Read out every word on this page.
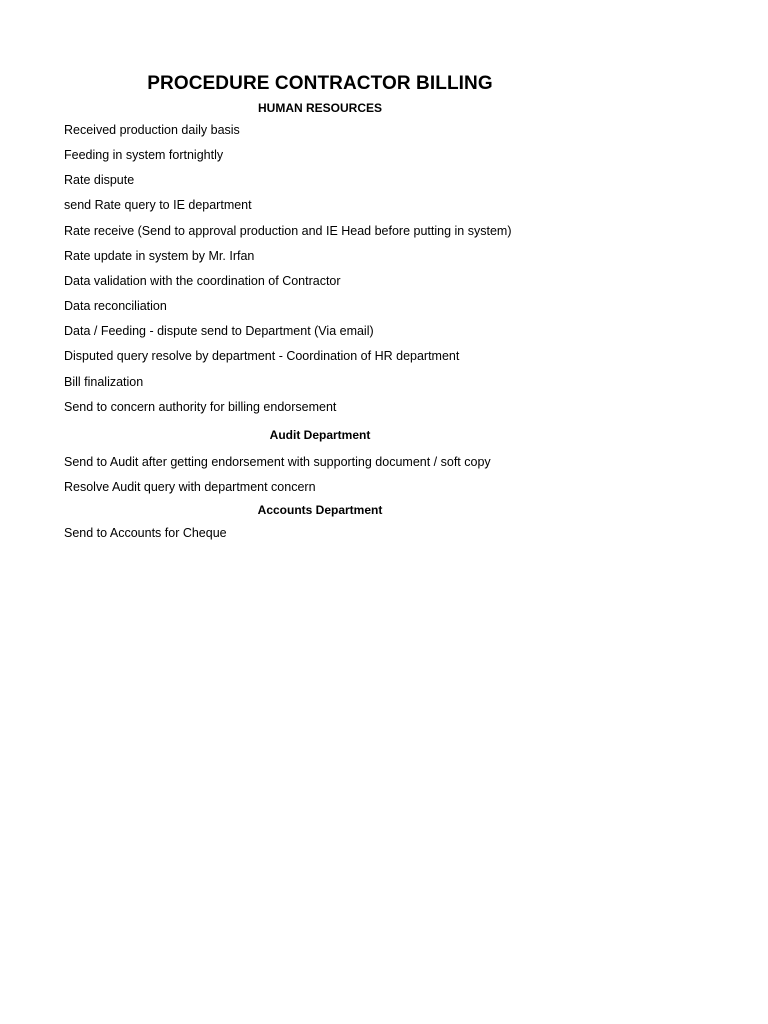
PROCEDURE CONTRACTOR BILLING
HUMAN RESOURCES
Received production daily basis
Feeding in system fortnightly
Rate dispute
send Rate query to IE department
Rate receive (Send to approval production and IE Head before putting in system)
Rate update in system by Mr. Irfan
Data validation with the coordination of Contractor
Data reconciliation
Data / Feeding - dispute send to Department (Via email)
Disputed query resolve by department - Coordination of HR department
Bill finalization
Send to concern authority for billing endorsement
Audit Department
Send to Audit after getting endorsement with supporting document / soft copy
Resolve Audit query with department concern
Accounts Department
Send to Accounts for Cheque
